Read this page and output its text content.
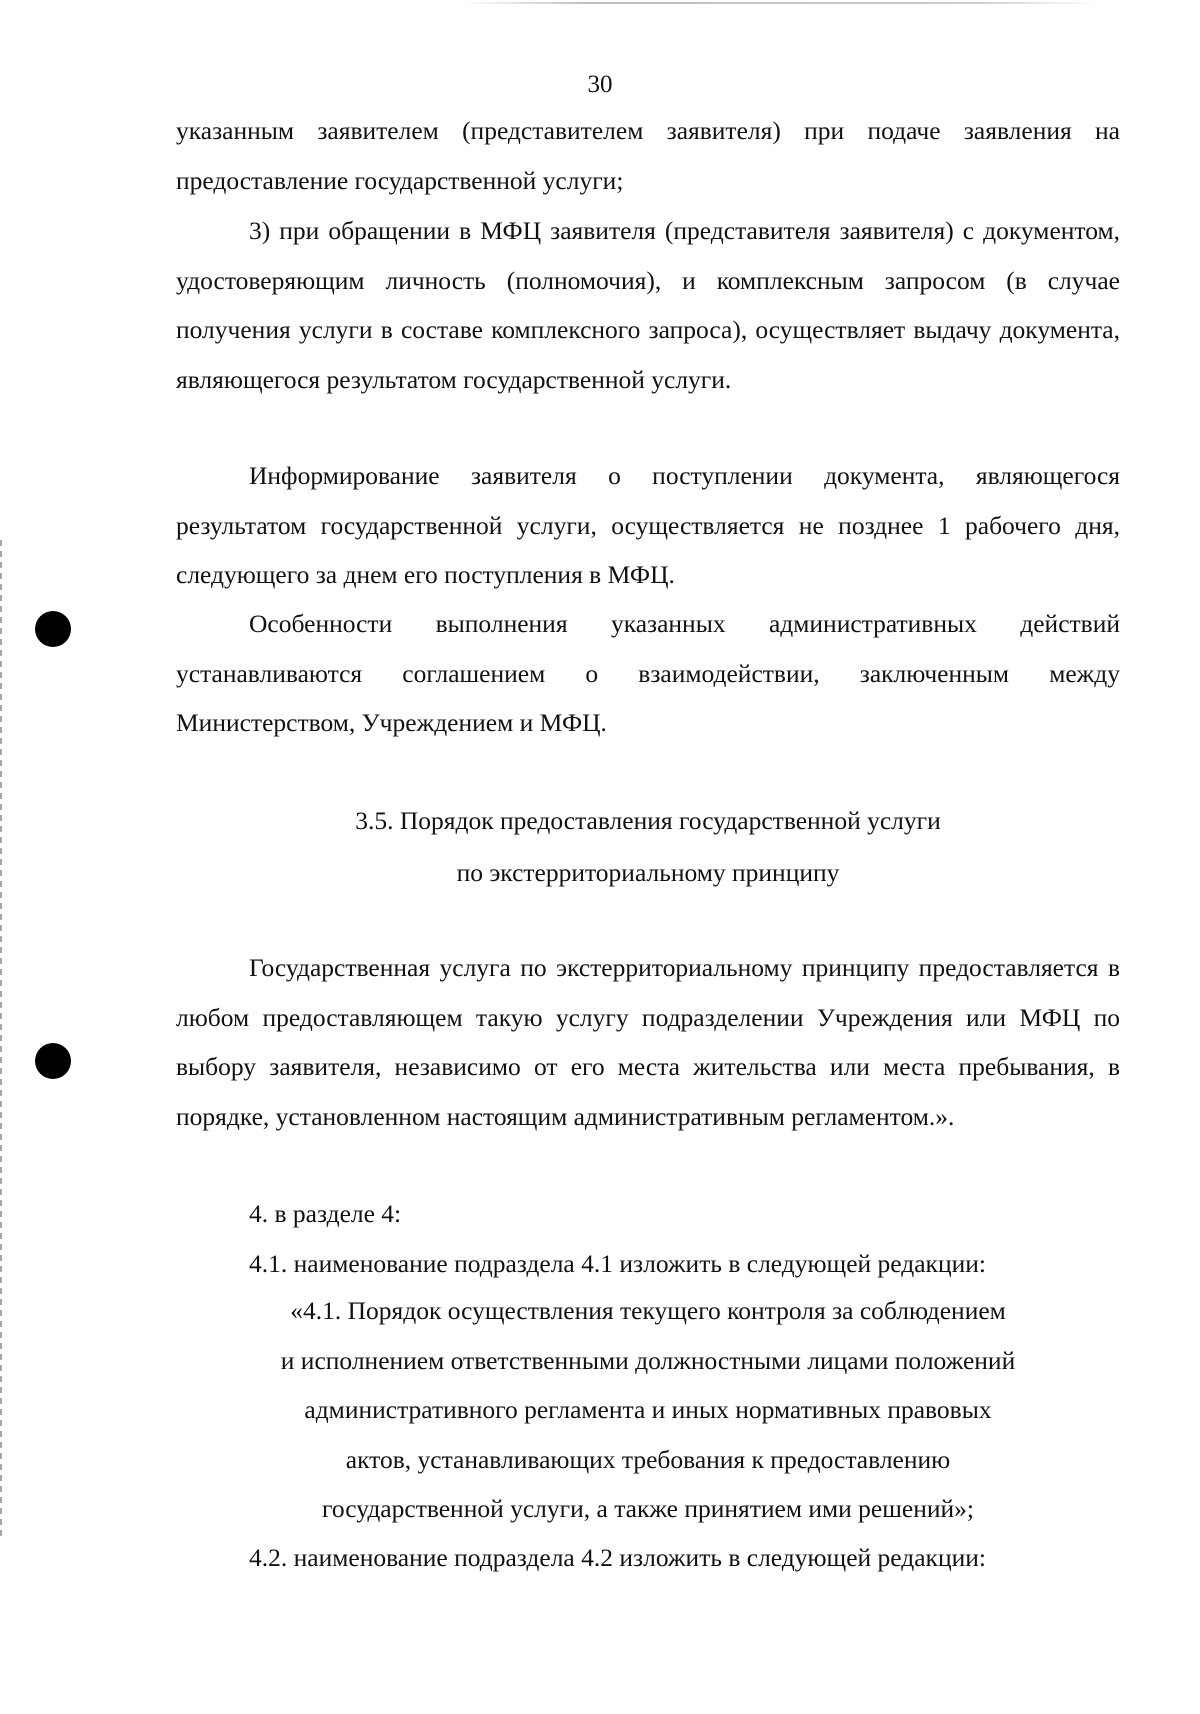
30

указанным заявителем (представителем заявителя) при подаче заявления на предоставление государственной услуги;

3) при обращении в МФЦ заявителя (представителя заявителя) с документом, удостоверяющим личность (полномочия), и комплексным запросом (в случае получения услуги в составе комплексного запроса), осуществляет выдачу документа, являющегося результатом государственной услуги.

Информирование заявителя о поступлении документа, являющегося результатом государственной услуги, осуществляется не позднее 1 рабочего дня, следующего за днем его поступления в МФЦ.

Особенности выполнения указанных административных действий устанавливаются соглашением о взаимодействии, заключенным между Министерством, Учреждением и МФЦ.

3.5. Порядок предоставления государственной услуги
по экстерриториальному принципу

Государственная услуга по экстерриториальному принципу предоставляется в любом предоставляющем такую услугу подразделении Учреждения или МФЦ по выбору заявителя, независимо от его места жительства или места пребывания, в порядке, установленном настоящим административным регламентом.».

4. в разделе 4:

4.1. наименование подраздела 4.1 изложить в следующей редакции:

«4.1. Порядок осуществления текущего контроля за соблюдением
и исполнением ответственными должностными лицами положений
административного регламента и иных нормативных правовых
актов, устанавливающих требования к предоставлению
государственной услуги, а также принятием ими решений»;

4.2. наименование подраздела 4.2 изложить в следующей редакции:
